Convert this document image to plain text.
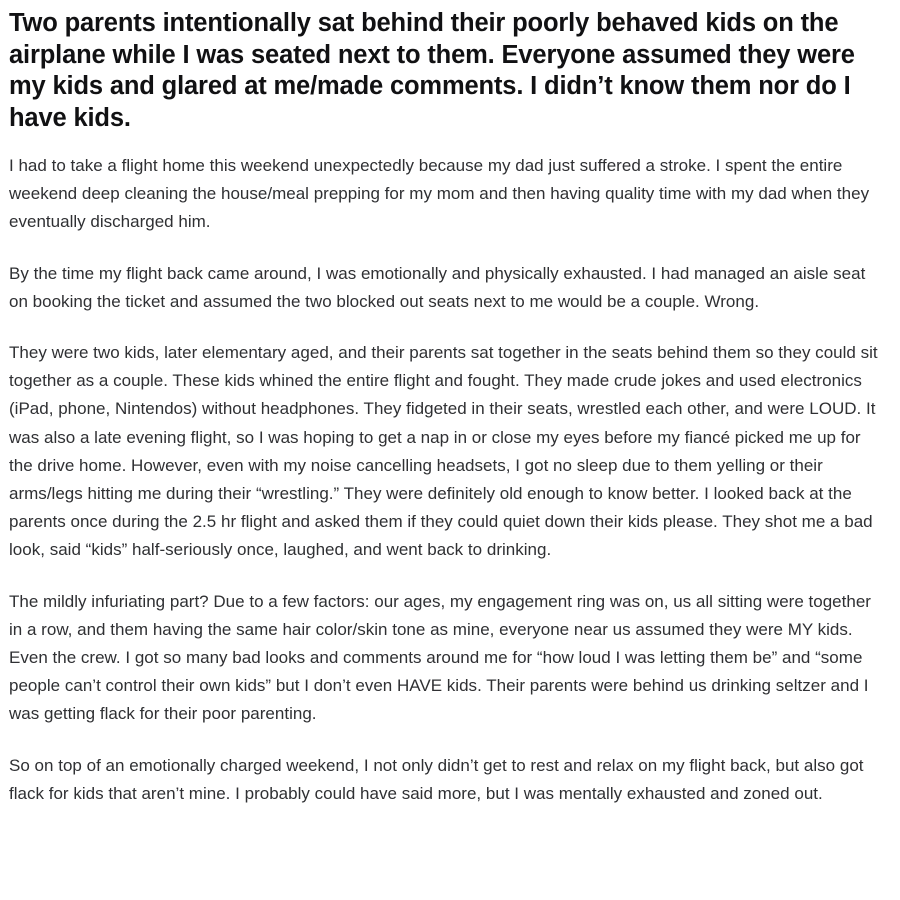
Two parents intentionally sat behind their poorly behaved kids on the airplane while I was seated next to them. Everyone assumed they were my kids and glared at me/made comments. I didn’t know them nor do I have kids.

I had to take a flight home this weekend unexpectedly because my dad just suffered a stroke. I spent the entire weekend deep cleaning the house/meal prepping for my mom and then having quality time with my dad when they eventually discharged him.

By the time my flight back came around, I was emotionally and physically exhausted. I had managed an aisle seat on booking the ticket and assumed the two blocked out seats next to me would be a couple. Wrong.

They were two kids, later elementary aged, and their parents sat together in the seats behind them so they could sit together as a couple. These kids whined the entire flight and fought. They made crude jokes and used electronics (iPad, phone, Nintendos) without headphones. They fidgeted in their seats, wrestled each other, and were LOUD. It was also a late evening flight, so I was hoping to get a nap in or close my eyes before my fiancé picked me up for the drive home. However, even with my noise cancelling headsets, I got no sleep due to them yelling or their arms/legs hitting me during their “wrestling.” They were definitely old enough to know better. I looked back at the parents once during the 2.5 hr flight and asked them if they could quiet down their kids please. They shot me a bad look, said “kids” half-seriously once, laughed, and went back to drinking.

The mildly infuriating part? Due to a few factors: our ages, my engagement ring was on, us all sitting were together in a row, and them having the same hair color/skin tone as mine, everyone near us assumed they were MY kids. Even the crew. I got so many bad looks and comments around me for “how loud I was letting them be” and “some people can’t control their own kids” but I don’t even HAVE kids. Their parents were behind us drinking seltzer and I was getting flack for their poor parenting.

So on top of an emotionally charged weekend, I not only didn’t get to rest and relax on my flight back, but also got flack for kids that aren’t mine. I probably could have said more, but I was mentally exhausted and zoned out.
